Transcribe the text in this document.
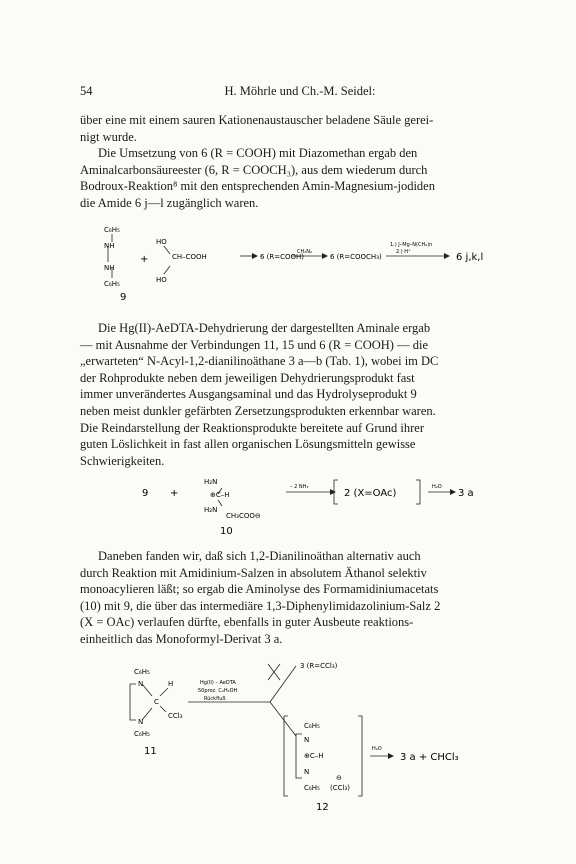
54	H. Möhrle und Ch.-M. Seidel:

über eine mit einem sauren Kationenaustauscher beladene Säule gerei-

nigt wurde.

Die Umsetzung von 6 (R = COOH) mit Diazomethan ergab den

Aminalcarbonsäureester (6, R = COOCH₃), aus dem wiederum durch

Bodroux-Reaktion⁸ mit den entsprechenden Amin-Magnesium-jodiden

die Amide 6 j—l zugänglich waren.

C₆H₅
NH
NH
C₆H₅
+
HO
HO
CH–COOH	6 (R=COOH)
CH₂N₂
6 (R=COOCH₃)
1.) J–Mg–N(CH₂)n
2.) H⁺	6 j,k,l
9

Die Hg(II)-AeDTA-Dehydrierung der dargestellten Aminale ergab

— mit Ausnahme der Verbindungen 11, 15 und 6 (R = COOH) — die

„erwarteten“ N-Acyl-1,2-dianilinoäthane 3 a—b (Tab. 1), wobei im DC

der Rohprodukte neben dem jeweiligen Dehydrierungsprodukt fast

immer unverändertes Ausgangsaminal und das Hydrolyseprodukt 9

neben meist dunkler gefärbten Zersetzungsprodukten erkennbar waren.

Die Reindarstellung der Reaktionsprodukte bereitete auf Grund ihrer

guten Löslichkeit in fast allen organischen Lösungsmitteln gewisse

Schwierigkeiten.

9 +
H₂N
⊕C–H
H₂N
CH₃COO⊖
10
– 2 NH₃
2 (X=OAc)
H₂O
3 a

Daneben fanden wir, daß sich 1,2-Dianilinoäthan alternativ auch

durch Reaktion mit Amidinium-Salzen in absolutem Äthanol selektiv

monoacylieren läßt; so ergab die Aminolyse des Formamidiniumacetats

(10) mit 9, die über das intermediäre 1,3-Diphenylimidazolinium-Salz 2

(X = OAc) verlaufen dürfte, ebenfalls in guter Ausbeute reaktions-

einheitlich das Monoformyl-Derivat 3 a.

C₆H₅
N	H
C
CCl₃
N
C₆H₅
11
Hg(II) – AeDTA
50proz. C₂H₅OH
Rückfluß
3 (R=CCl₃)
C₆H₅
N
⊕C–H
N
C₆H₅
⊖
(CCl₃)
H₂O
3 a + CHCl₃
12
